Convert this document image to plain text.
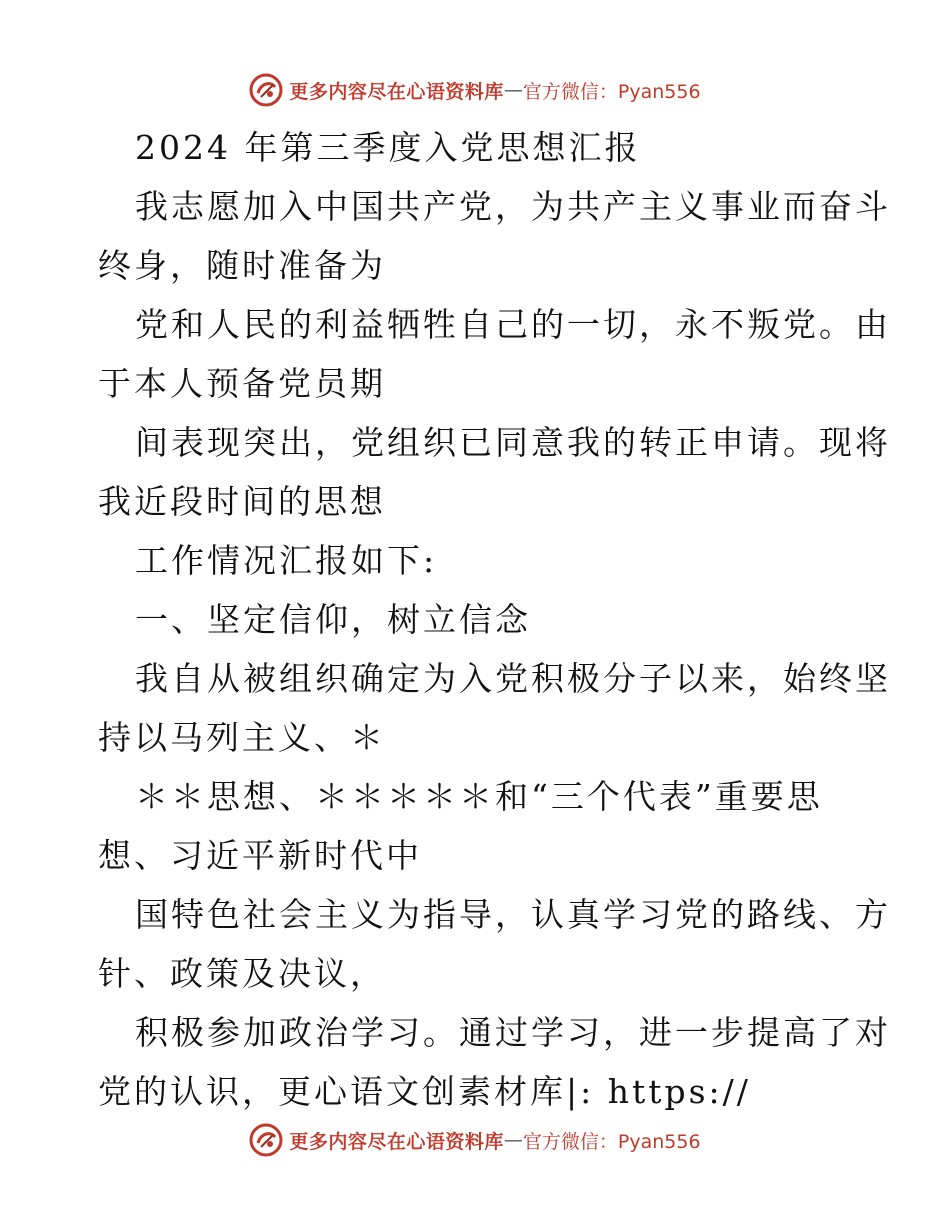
更多内容尽在心语资料库 — 官方微信：Pyan556
2024 年第三季度入党思想汇报
我志愿加入中国共产党，为共产主义事业而奋斗
终身，随时准备为
党和人民的利益牺牲自己的一切，永不叛党。由
于本人预备党员期
间表现突出，党组织已同意我的转正申请。现将
我近段时间的思想
工作情况汇报如下:
一、坚定信仰，树立信念
我自从被组织确定为入党积极分子以来，始终坚
持以马列主义、＊
＊＊思想、＊＊＊＊＊和“三个代表”重要思
想、习近平新时代中
国特色社会主义为指导，认真学习党的路线、方
针、政策及决议，
积极参加政治学习。通过学习，进一步提高了对
党的认识，更心语文创素材库|: https://
更多内容尽在心语资料库 — 官方微信：Pyan556
